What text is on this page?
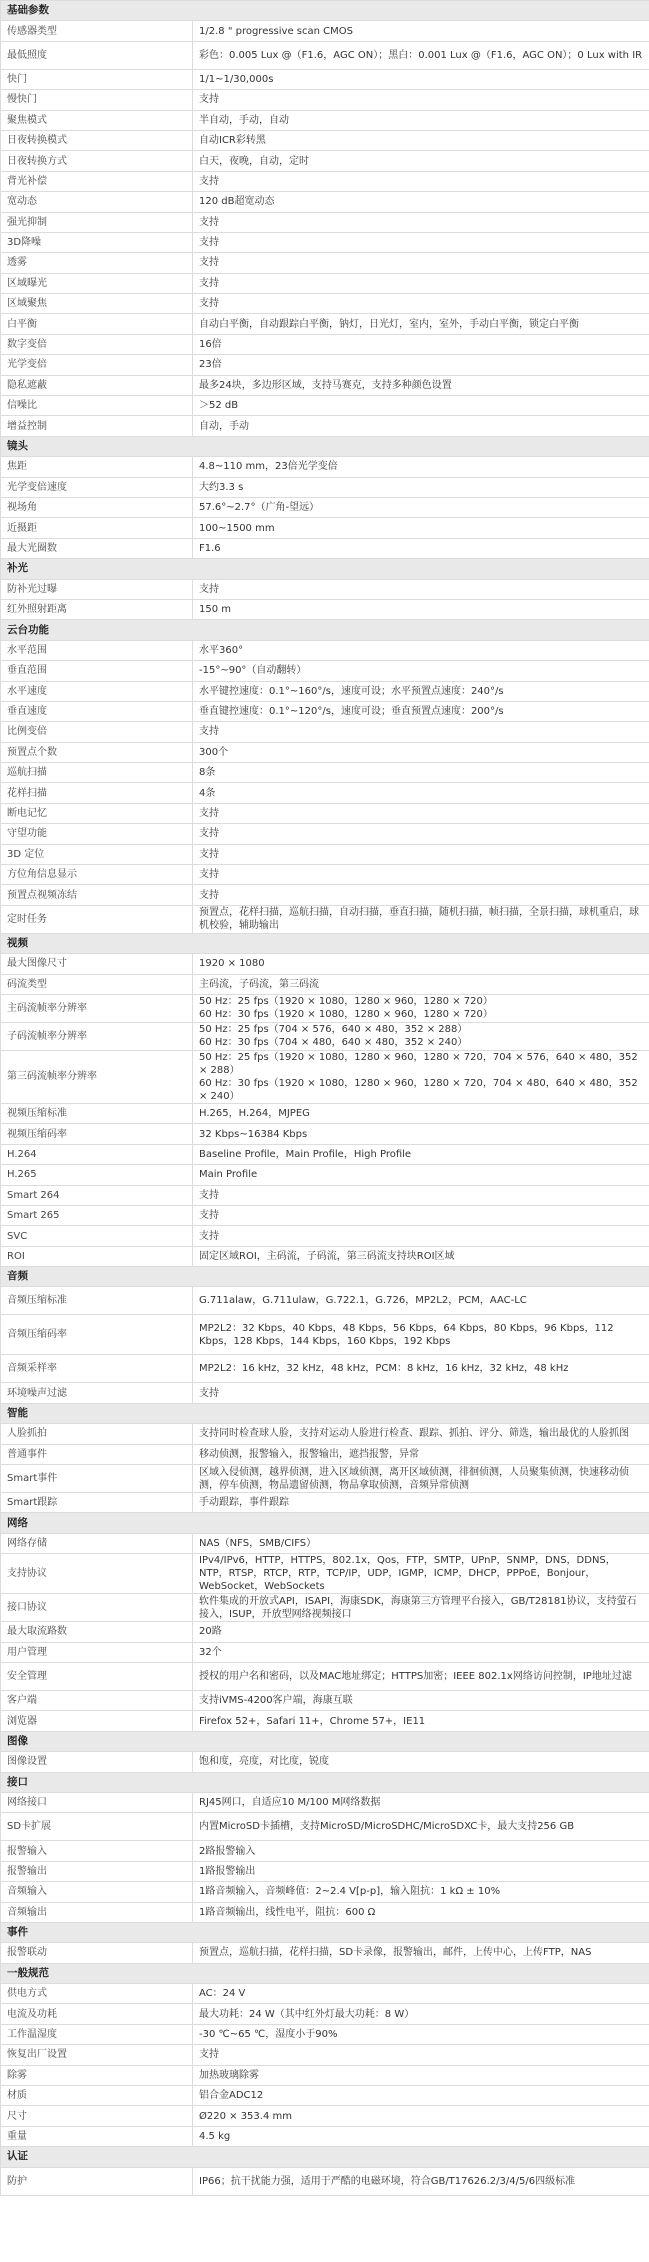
基础参数	
传感器类型	1/2.8 " progressive scan CMOS
最低照度	彩色：0.005 Lux @（F1.6，AGC ON）；黑白：0.001 Lux @（F1.6，AGC ON）；0 Lux with IR
快门	1/1~1/30,000s
慢快门	支持
聚焦模式	半自动，手动，自动
日夜转换模式	自动ICR彩转黑
日夜转换方式	白天，夜晚，自动，定时
背光补偿	支持
宽动态	120 dB超宽动态
强光抑制	支持
3D降噪	支持
透雾	支持
区域曝光	支持
区域聚焦	支持
白平衡	自动白平衡，自动跟踪白平衡，钠灯，日光灯，室内，室外，手动白平衡，锁定白平衡
数字变倍	16倍
光学变倍	23倍
隐私遮蔽	最多24块，多边形区域，支持马赛克，支持多种颜色设置
信噪比	＞52 dB
增益控制	自动，手动
镜头	
焦距	4.8~110 mm，23倍光学变倍
光学变倍速度	大约3.3 s
视场角	57.6°~2.7°（广角-望远）
近摄距	100~1500 mm
最大光圈数	F1.6
补光	
防补光过曝	支持
红外照射距离	150 m
云台功能	
水平范围	水平360°
垂直范围	-15°~90°（自动翻转）
水平速度	水平键控速度：0.1°~160°/s，速度可设；水平预置点速度：240°/s
垂直速度	垂直键控速度：0.1°~120°/s，速度可设；垂直预置点速度：200°/s
比例变倍	支持
预置点个数	300个
巡航扫描	8条
花样扫描	4条
断电记忆	支持
守望功能	支持
3D 定位	支持
方位角信息显示	支持
预置点视频冻结	支持
定时任务	预置点，花样扫描，巡航扫描，自动扫描，垂直扫描，随机扫描，帧扫描，全景扫描，球机重启，球机校验，辅助输出
视频	
最大图像尺寸	1920 × 1080
码流类型	主码流，子码流，第三码流
主码流帧率分辨率	50 Hz：25 fps（1920 × 1080，1280 × 960，1280 × 720）
60 Hz：30 fps（1920 × 1080，1280 × 960，1280 × 720）
子码流帧率分辨率	50 Hz：25 fps（704 × 576，640 × 480，352 × 288）
60 Hz：30 fps（704 × 480，640 × 480，352 × 240）
第三码流帧率分辨率	50 Hz：25 fps（1920 × 1080，1280 × 960，1280 × 720，704 × 576，640 × 480，352 × 288）
60 Hz：30 fps（1920 × 1080，1280 × 960，1280 × 720，704 × 480，640 × 480，352 × 240）
视频压缩标准	H.265，H.264，MJPEG
视频压缩码率	32 Kbps~16384 Kbps
H.264	Baseline Profile，Main Profile，High Profile
H.265	Main Profile
Smart 264	支持
Smart 265	支持
SVC	支持
ROI	固定区域ROI，主码流，子码流，第三码流支持块ROI区域
音频	
音频压缩标准	G.711alaw，G.711ulaw，G.722.1，G.726，MP2L2，PCM，AAC-LC
音频压缩码率	MP2L2：32 Kbps，40 Kbps，48 Kbps，56 Kbps，64 Kbps，80 Kbps，96 Kbps，112 Kbps，128 Kbps，144 Kbps，160 Kbps，192 Kbps
音频采样率	MP2L2：16 kHz，32 kHz，48 kHz，PCM：8 kHz，16 kHz，32 kHz，48 kHz
环境噪声过滤	支持
智能	
人脸抓拍	支持同时检查球人脸，支持对运动人脸进行检查、跟踪、抓拍、评分、筛选，输出最优的人脸抓图
普通事件	移动侦测，报警输入，报警输出，遮挡报警，异常
Smart事件	区域入侵侦测，越界侦测，进入区域侦测，离开区域侦测，徘徊侦测，人员聚集侦测，快速移动侦测，停车侦测，物品遗留侦测，物品拿取侦测，音频异常侦测
Smart跟踪	手动跟踪，事件跟踪
网络	
网络存储	NAS（NFS，SMB/CIFS）
支持协议	IPv4/IPv6，HTTP，HTTPS，802.1x，Qos，FTP，SMTP，UPnP，SNMP，DNS，DDNS，NTP，RTSP，RTCP，RTP，TCP/IP，UDP，IGMP，ICMP，DHCP，PPPoE，Bonjour，WebSocket，WebSockets
接口协议	软件集成的开放式API，ISAPI，海康SDK，海康第三方管理平台接入，GB/T28181协议，支持萤石接入，ISUP，开放型网络视频接口
最大取流路数	20路
用户管理	32个
安全管理	授权的用户名和密码，以及MAC地址绑定；HTTPS加密；IEEE 802.1x网络访问控制，IP地址过滤
客户端	支持iVMS-4200客户端，海康互联
浏览器	Firefox 52+，Safari 11+，Chrome 57+，IE11
图像	
图像设置	饱和度，亮度，对比度，锐度
接口	
网络接口	RJ45网口，自适应10 M/100 M网络数据
SD卡扩展	内置MicroSD卡插槽，支持MicroSD/MicroSDHC/MicroSDXC卡，最大支持256 GB
报警输入	2路报警输入
报警输出	1路报警输出
音频输入	1路音频输入，音频峰值：2~2.4 V[p-p]，输入阻抗：1 kΩ ± 10%
音频输出	1路音频输出，线性电平，阻抗：600 Ω
事件	
报警联动	预置点，巡航扫描，花样扫描，SD卡录像，报警输出，邮件，上传中心，上传FTP，NAS
一般规范	
供电方式	AC：24 V
电流及功耗	最大功耗：24 W（其中红外灯最大功耗：8 W）
工作温湿度	-30 ℃~65 ℃，湿度小于90%
恢复出厂设置	支持
除雾	加热玻璃除雾
材质	铝合金ADC12
尺寸	Ø220 × 353.4 mm
重量	4.5 kg
认证	
防护	IP66；抗干扰能力强，适用于严酷的电磁环境，符合GB/T17626.2/3/4/5/6四级标准
